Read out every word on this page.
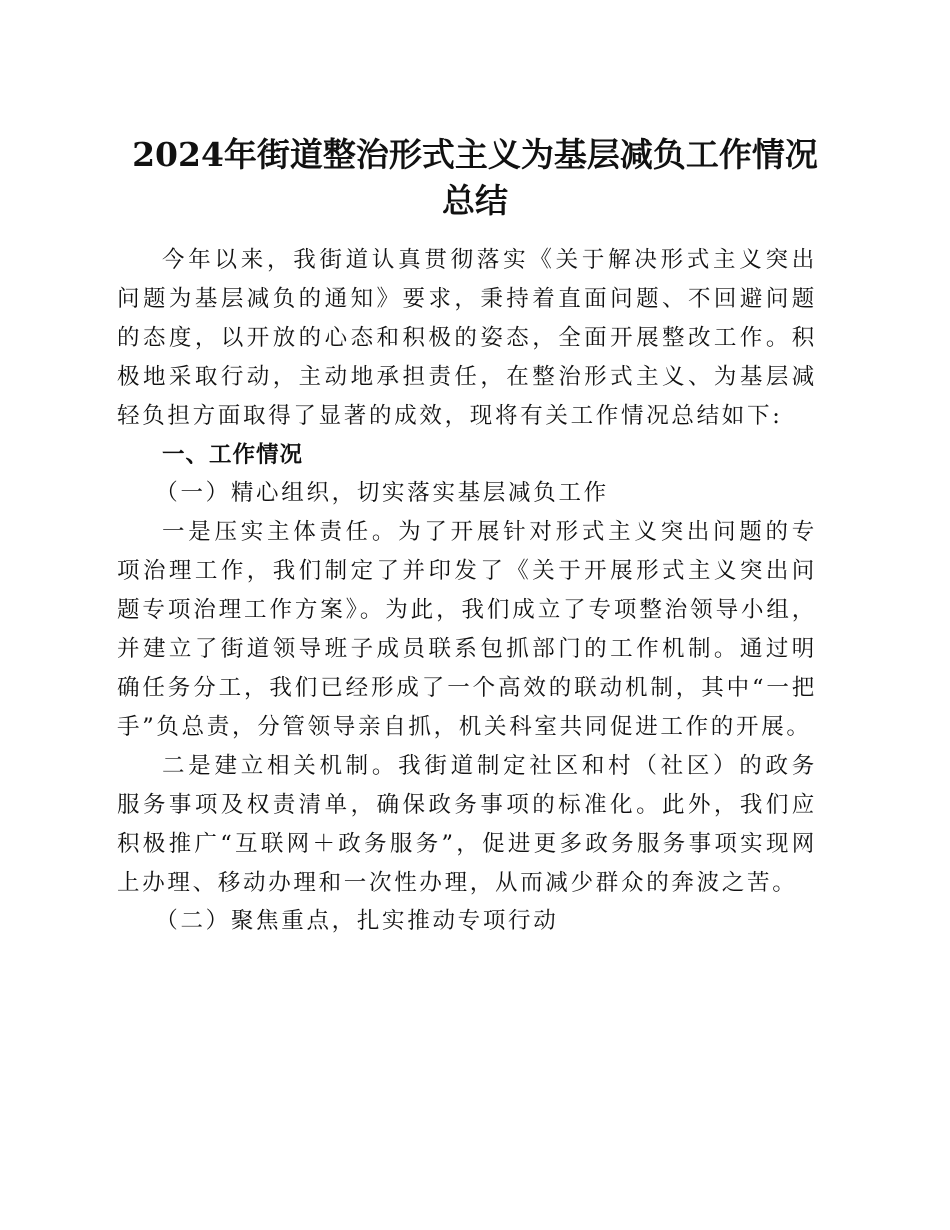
2024年街道整治形式主义为基层减负工作情况
总结

今年以来，我街道认真贯彻落实《关于解决形式主义突出问题为基层减负的通知》要求，秉持着直面问题、不回避问题的态度，以开放的心态和积极的姿态，全面开展整改工作。积极地采取行动，主动地承担责任，在整治形式主义、为基层减轻负担方面取得了显著的成效，现将有关工作情况总结如下:

一、工作情况

（一）精心组织，切实落实基层减负工作

一是压实主体责任。为了开展针对形式主义突出问题的专项治理工作，我们制定了并印发了《关于开展形式主义突出问题专项治理工作方案》。为此，我们成立了专项整治领导小组，并建立了街道领导班子成员联系包抓部门的工作机制。通过明确任务分工，我们已经形成了一个高效的联动机制，其中“一把手”负总责，分管领导亲自抓，机关科室共同促进工作的开展。

二是建立相关机制。我街道制定社区和村（社区）的政务服务事项及权责清单，确保政务事项的标准化。此外，我们应积极推广“互联网＋政务服务”，促进更多政务服务事项实现网上办理、移动办理和一次性办理，从而减少群众的奔波之苦。

（二）聚焦重点，扎实推动专项行动
